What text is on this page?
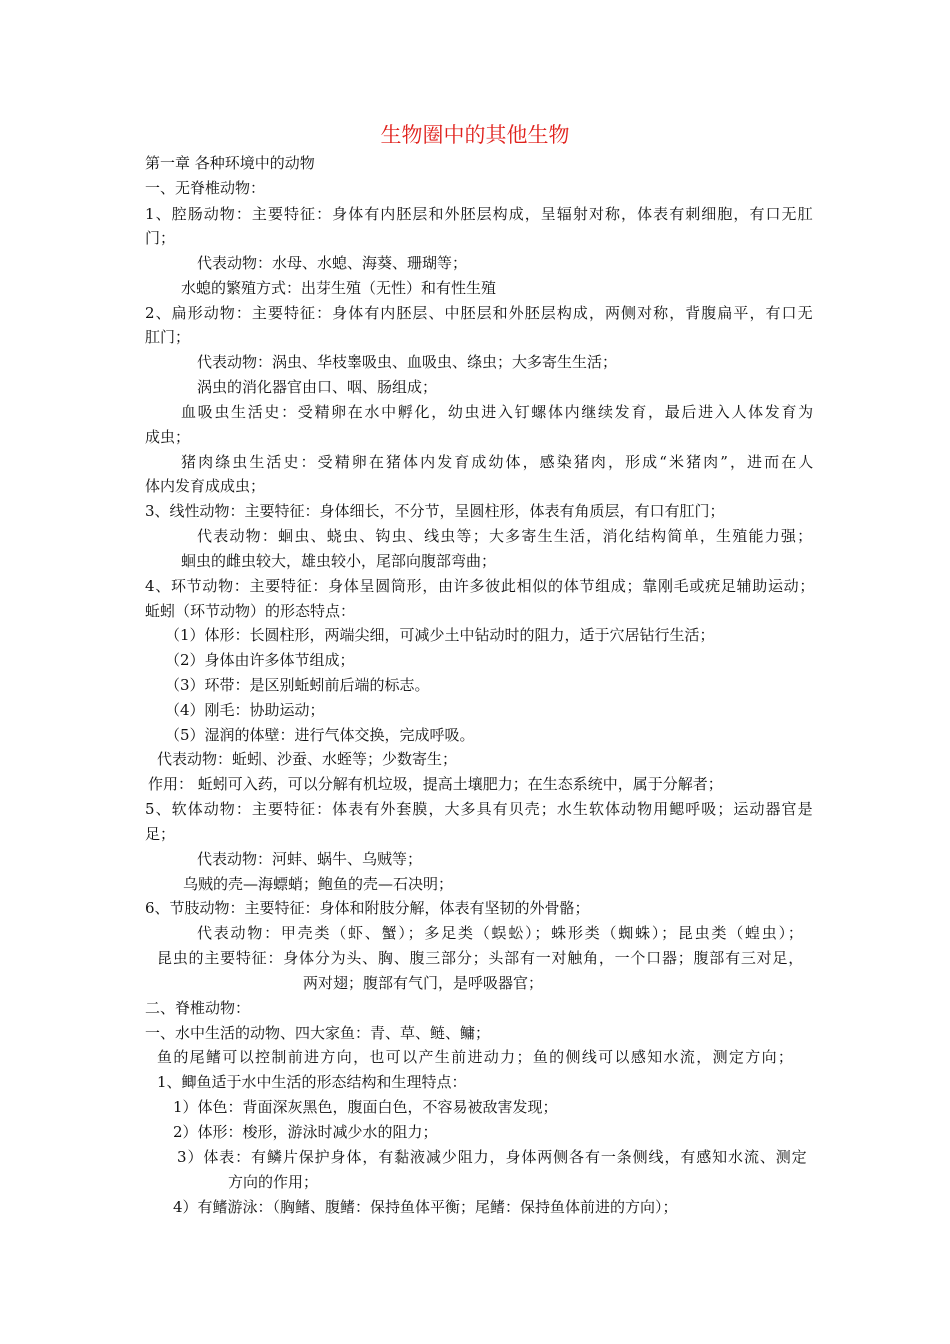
生物圈中的其他生物
第一章 各种环境中的动物
一、无脊椎动物：
1、腔肠动物：主要特征：身体有内胚层和外胚层构成，呈辐射对称，体表有刺细胞，有口无肛
门；
代表动物：水母、水螅、海葵、珊瑚等；
水螅的繁殖方式：出芽生殖（无性）和有性生殖
2、扁形动物：主要特征：身体有内胚层、中胚层和外胚层构成，两侧对称，背腹扁平，有口无
肛门；
代表动物：涡虫、华枝睾吸虫、血吸虫、绦虫；大多寄生生活；
涡虫的消化器官由口、咽、肠组成；
血吸虫生活史：受精卵在水中孵化，幼虫进入钉螺体内继续发育，最后进入人体发育为
成虫；
猪肉绦虫生活史：受精卵在猪体内发育成幼体，感染猪肉，形成“米猪肉”，进而在人
体内发育成成虫；
3、线性动物：主要特征：身体细长，不分节，呈圆柱形，体表有角质层，有口有肛门；
代表动物：蛔虫、蛲虫、钩虫、线虫等；大多寄生生活，消化结构简单，生殖能力强；
蛔虫的雌虫较大，雄虫较小，尾部向腹部弯曲；
4、环节动物：主要特征：身体呈圆筒形，由许多彼此相似的体节组成；靠刚毛或疣足辅助运动；
蚯蚓（环节动物）的形态特点：
（1）体形：长圆柱形，两端尖细，可减少土中钻动时的阻力，适于穴居钻行生活；
（2）身体由许多体节组成；
（3）环带：是区别蚯蚓前后端的标志。
（4）刚毛：协助运动；
（5）湿润的体壁：进行气体交换，完成呼吸。
代表动物：蚯蚓、沙蚕、水蛭等；少数寄生；
作用： 蚯蚓可入药，可以分解有机垃圾，提高土壤肥力；在生态系统中，属于分解者；
5、软体动物：主要特征：体表有外套膜，大多具有贝壳；水生软体动物用鳃呼吸；运动器官是
足；
代表动物：河蚌、蜗牛、乌贼等；
乌贼的壳—海螵蛸；鲍鱼的壳—石决明；
6、节肢动物：主要特征：身体和附肢分解，体表有坚韧的外骨骼；
代表动物：甲壳类（虾、蟹）；多足类（蜈蚣）；蛛形类（蜘蛛）；昆虫类（蝗虫）；
昆虫的主要特征：身体分为头、胸、腹三部分；头部有一对触角，一个口器；腹部有三对足，
两对翅；腹部有气门，是呼吸器官；
二、脊椎动物：
一、水中生活的动物、四大家鱼：青、草、鲢、鳙；
鱼的尾鳍可以控制前进方向，也可以产生前进动力；鱼的侧线可以感知水流，测定方向；
1、鲫鱼适于水中生活的形态结构和生理特点：
1）体色：背面深灰黑色，腹面白色，不容易被敌害发现；
2）体形：梭形，游泳时减少水的阻力；
3）体表：有鳞片保护身体，有黏液减少阻力，身体两侧各有一条侧线，有感知水流、测定
方向的作用；
4）有鳍游泳：（胸鳍、腹鳍：保持鱼体平衡；尾鳍：保持鱼体前进的方向）；
